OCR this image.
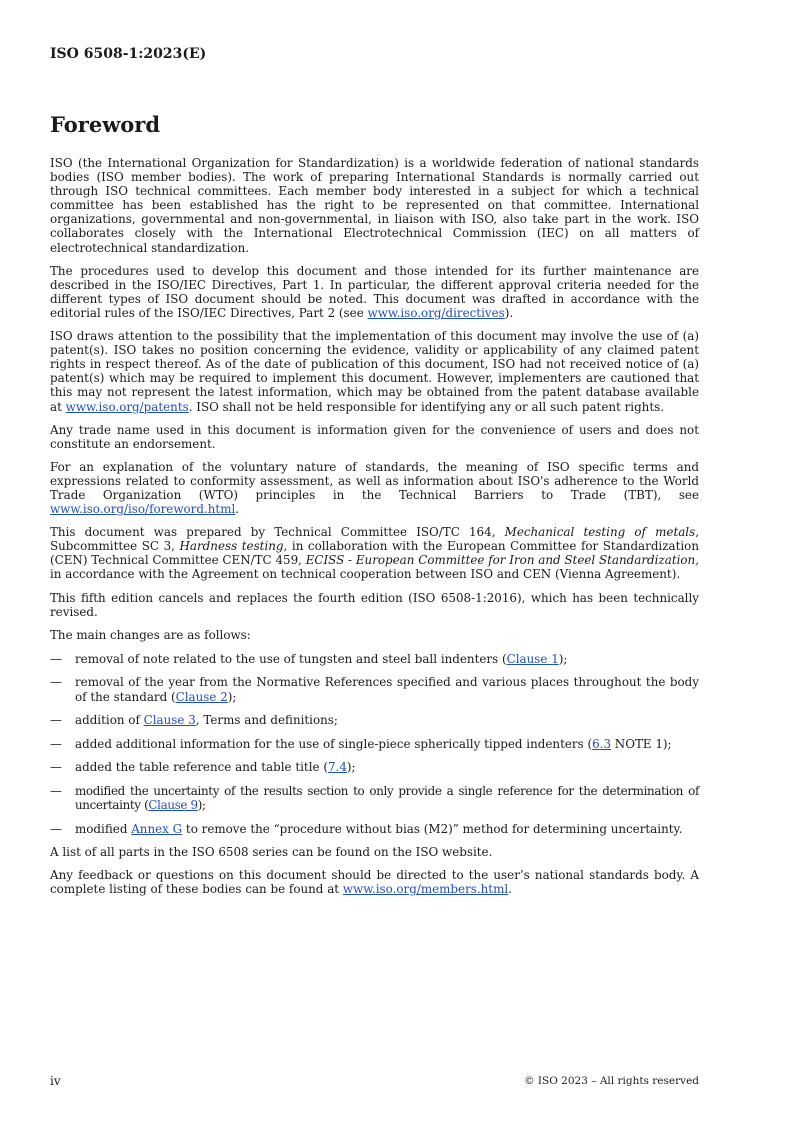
ISO 6508-1:2023(E)
Foreword

ISO (the International Organization for Standardization) is a worldwide federation of national standards bodies (ISO member bodies). The work of preparing International Standards is normally carried out through ISO technical committees. Each member body interested in a subject for which a technical committee has been established has the right to be represented on that committee. International organizations, governmental and non-governmental, in liaison with ISO, also take part in the work. ISO collaborates closely with the International Electrotechnical Commission (IEC) on all matters of electrotechnical standardization.

The procedures used to develop this document and those intended for its further maintenance are described in the ISO/IEC Directives, Part 1. In particular, the different approval criteria needed for the different types of ISO document should be noted. This document was drafted in accordance with the editorial rules of the ISO/IEC Directives, Part 2 (see www.iso.org/directives).

ISO draws attention to the possibility that the implementation of this document may involve the use of (a) patent(s). ISO takes no position concerning the evidence, validity or applicability of any claimed patent rights in respect thereof. As of the date of publication of this document, ISO had not received notice of (a) patent(s) which may be required to implement this document. However, implementers are cautioned that this may not represent the latest information, which may be obtained from the patent database available at www.iso.org/patents. ISO shall not be held responsible for identifying any or all such patent rights.

Any trade name used in this document is information given for the convenience of users and does not constitute an endorsement.

For an explanation of the voluntary nature of standards, the meaning of ISO specific terms and expressions related to conformity assessment, as well as information about ISO's adherence to the World Trade Organization (WTO) principles in the Technical Barriers to Trade (TBT), see www.iso.org/iso/foreword.html.

This document was prepared by Technical Committee ISO/TC 164, Mechanical testing of metals, Subcommittee SC 3, Hardness testing, in collaboration with the European Committee for Standardization (CEN) Technical Committee CEN/TC 459, ECISS - European Committee for Iron and Steel Standardization, in accordance with the Agreement on technical cooperation between ISO and CEN (Vienna Agreement).

This fifth edition cancels and replaces the fourth edition (ISO 6508-1:2016), which has been technically revised.

The main changes are as follows:

— removal of note related to the use of tungsten and steel ball indenters (Clause 1);
— removal of the year from the Normative References specified and various places throughout the body of the standard (Clause 2);
— addition of Clause 3, Terms and definitions;
— added additional information for the use of single-piece spherically tipped indenters (6.3 NOTE 1);
— added the table reference and table title (7.4);
— modified the uncertainty of the results section to only provide a single reference for the determination of uncertainty (Clause 9);
— modified Annex G to remove the “procedure without bias (M2)” method for determining uncertainty.

A list of all parts in the ISO 6508 series can be found on the ISO website.

Any feedback or questions on this document should be directed to the user’s national standards body. A complete listing of these bodies can be found at www.iso.org/members.html.

iv	© ISO 2023 – All rights reserved
